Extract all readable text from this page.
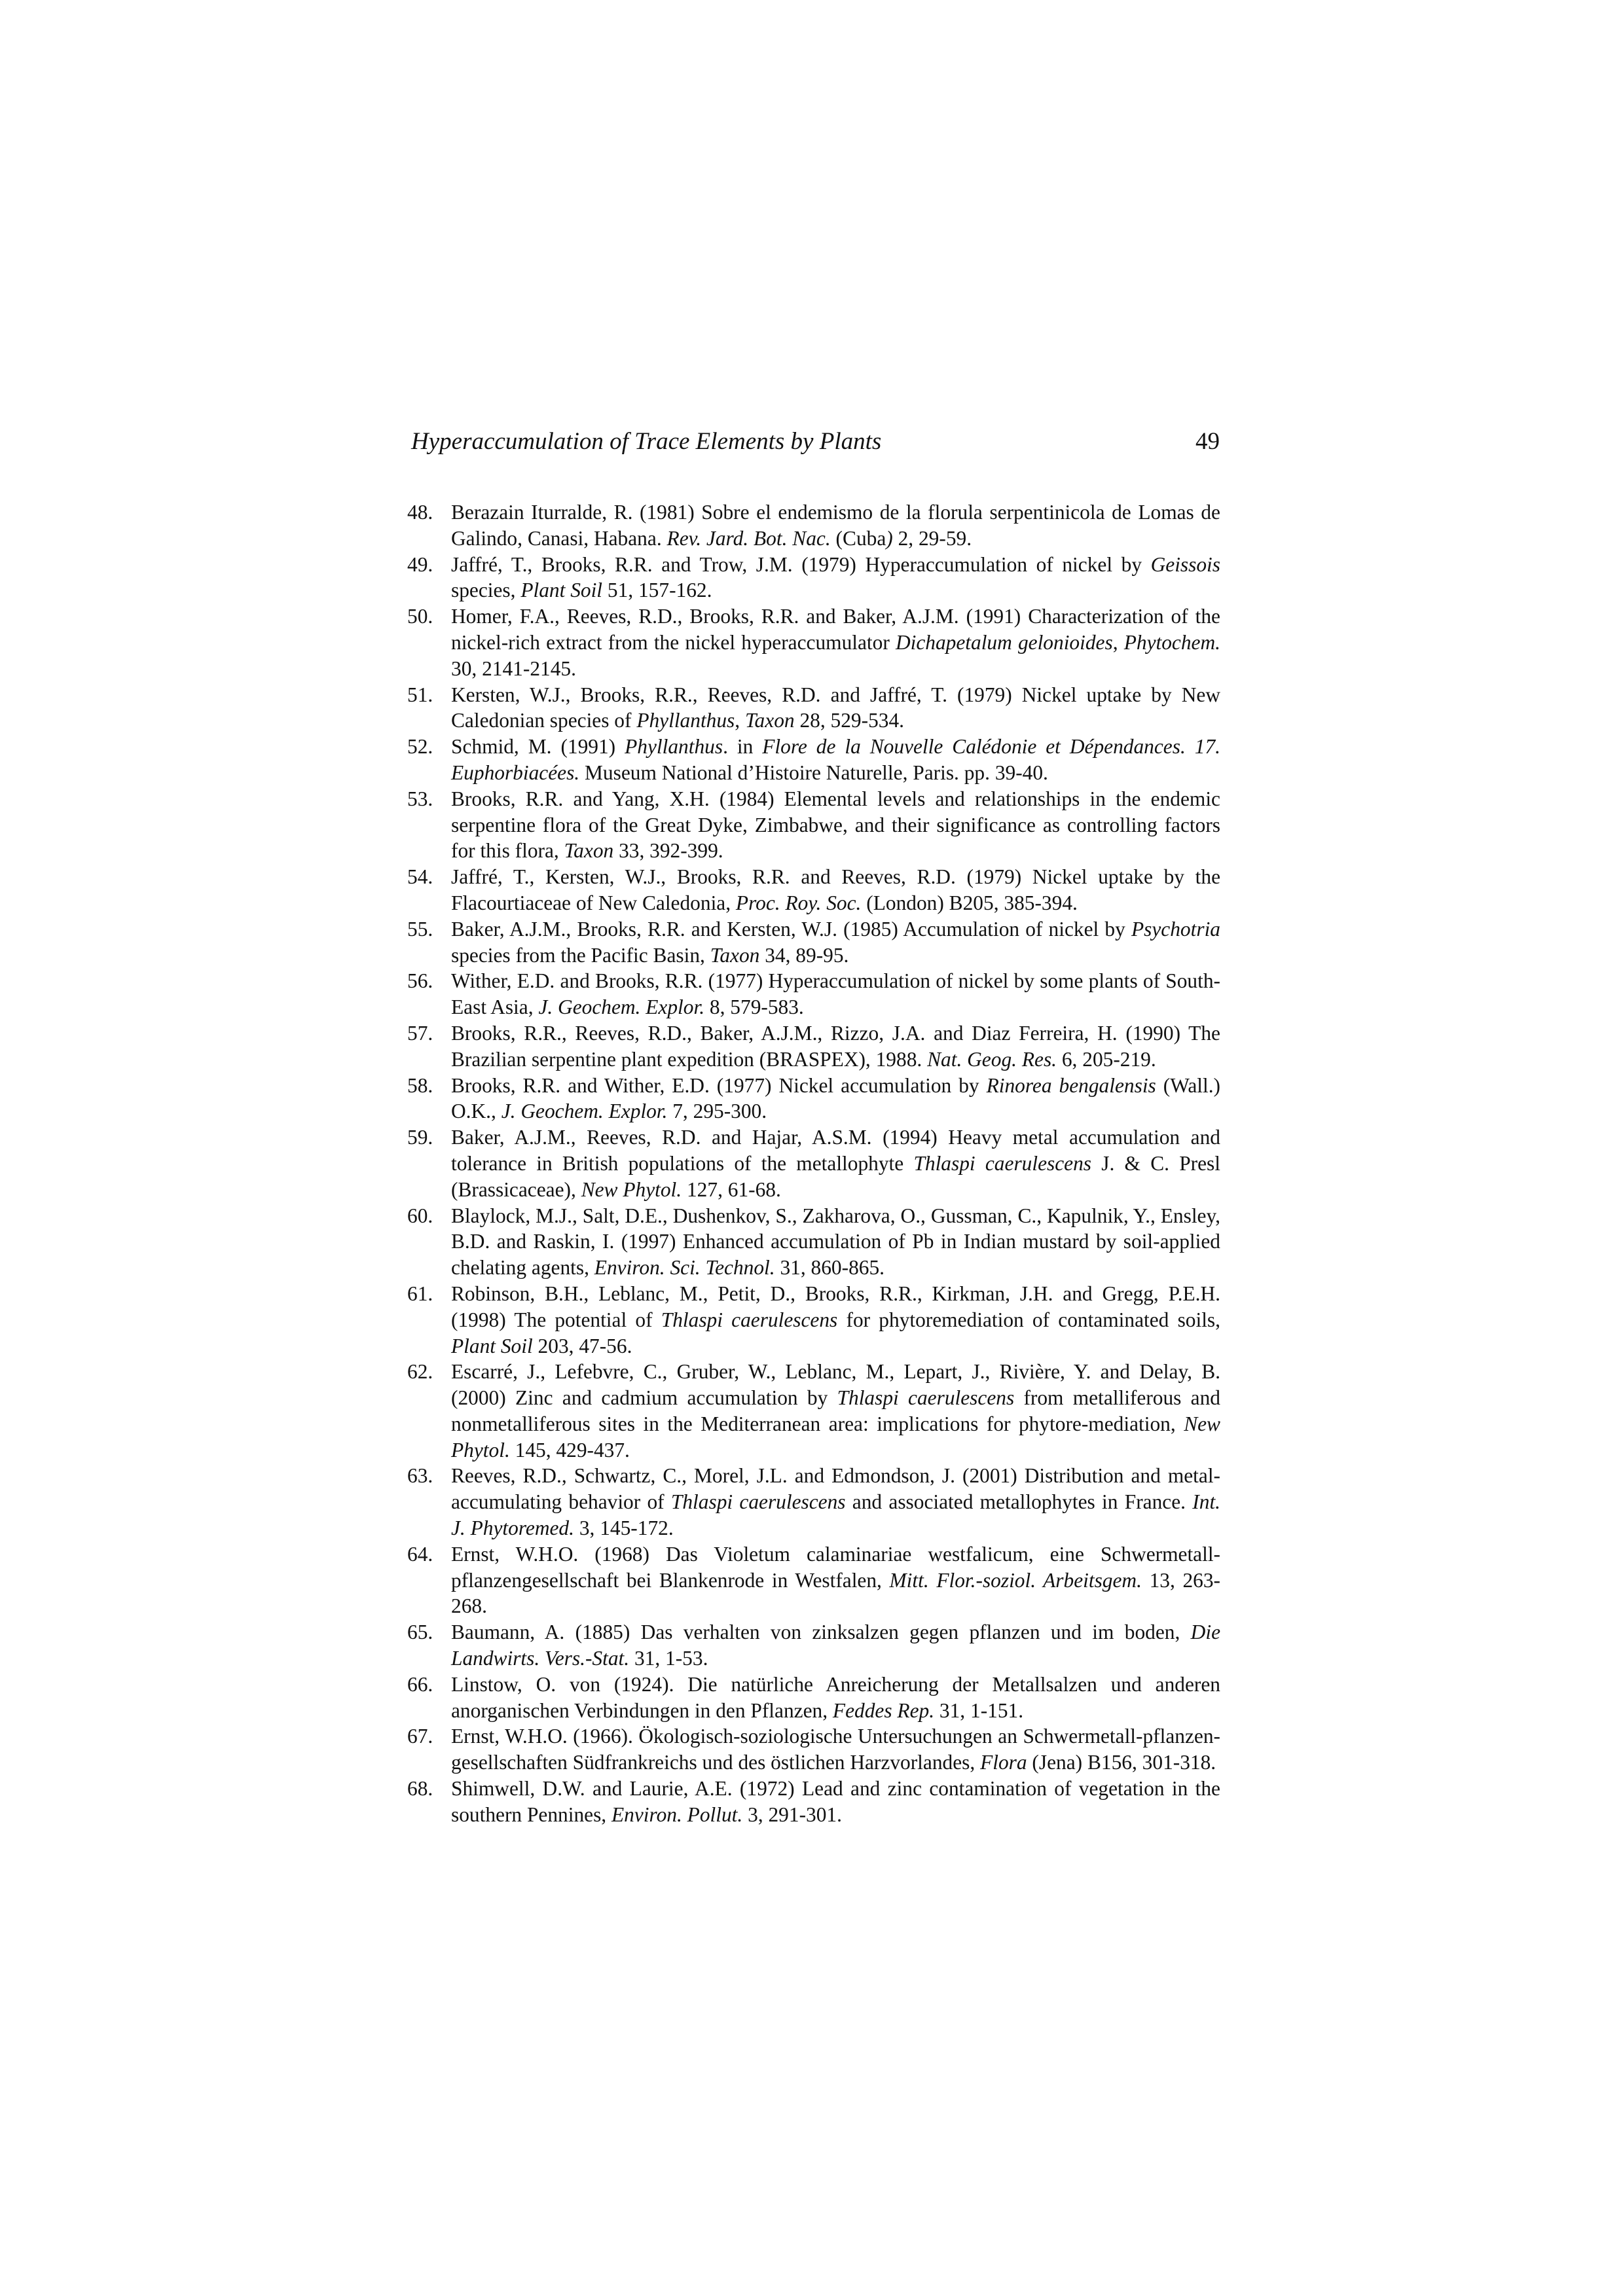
Hyperaccumulation of Trace Elements by Plants	49
48. Berazain Iturralde, R. (1981) Sobre el endemismo de la florula serpentinicola de Lomas de Galindo, Canasi, Habana. Rev. Jard. Bot. Nac. (Cuba) 2, 29-59.
49. Jaffré, T., Brooks, R.R. and Trow, J.M. (1979) Hyperaccumulation of nickel by Geissois species, Plant Soil 51, 157-162.
50. Homer, F.A., Reeves, R.D., Brooks, R.R. and Baker, A.J.M. (1991) Characterization of the nickel-rich extract from the nickel hyperaccumulator Dichapetalum gelonioides, Phytochem. 30, 2141-2145.
51. Kersten, W.J., Brooks, R.R., Reeves, R.D. and Jaffré, T. (1979) Nickel uptake by New Caledonian species of Phyllanthus, Taxon 28, 529-534.
52. Schmid, M. (1991) Phyllanthus. in Flore de la Nouvelle Calédonie et Dépendances. 17. Euphorbiacées. Museum National d’Histoire Naturelle, Paris. pp. 39-40.
53. Brooks, R.R. and Yang, X.H. (1984) Elemental levels and relationships in the endemic serpentine flora of the Great Dyke, Zimbabwe, and their significance as controlling factors for this flora, Taxon 33, 392-399.
54. Jaffré, T., Kersten, W.J., Brooks, R.R. and Reeves, R.D. (1979) Nickel uptake by the Flacourtiaceae of New Caledonia, Proc. Roy. Soc. (London) B205, 385-394.
55. Baker, A.J.M., Brooks, R.R. and Kersten, W.J. (1985) Accumulation of nickel by Psychotria species from the Pacific Basin, Taxon 34, 89-95.
56. Wither, E.D. and Brooks, R.R. (1977) Hyperaccumulation of nickel by some plants of South-East Asia, J. Geochem. Explor. 8, 579-583.
57. Brooks, R.R., Reeves, R.D., Baker, A.J.M., Rizzo, J.A. and Diaz Ferreira, H. (1990) The Brazilian serpentine plant expedition (BRASPEX), 1988. Nat. Geog. Res. 6, 205-219.
58. Brooks, R.R. and Wither, E.D. (1977) Nickel accumulation by Rinorea bengalensis (Wall.) O.K., J. Geochem. Explor. 7, 295-300.
59. Baker, A.J.M., Reeves, R.D. and Hajar, A.S.M. (1994) Heavy metal accumulation and tolerance in British populations of the metallophyte Thlaspi caerulescens J. & C. Presl (Brassicaceae), New Phytol. 127, 61-68.
60. Blaylock, M.J., Salt, D.E., Dushenkov, S., Zakharova, O., Gussman, C., Kapulnik, Y., Ensley, B.D. and Raskin, I. (1997) Enhanced accumulation of Pb in Indian mustard by soil-applied chelating agents, Environ. Sci. Technol. 31, 860-865.
61. Robinson, B.H., Leblanc, M., Petit, D., Brooks, R.R., Kirkman, J.H. and Gregg, P.E.H. (1998) The potential of Thlaspi caerulescens for phytoremediation of contaminated soils, Plant Soil 203, 47-56.
62. Escarré, J., Lefebvre, C., Gruber, W., Leblanc, M., Lepart, J., Rivière, Y. and Delay, B. (2000) Zinc and cadmium accumulation by Thlaspi caerulescens from metalliferous and nonmetalliferous sites in the Mediterranean area: implications for phytore-mediation, New Phytol. 145, 429-437.
63. Reeves, R.D., Schwartz, C., Morel, J.L. and Edmondson, J. (2001) Distribution and metal-accumulating behavior of Thlaspi caerulescens and associated metallophytes in France. Int. J. Phytoremed. 3, 145-172.
64. Ernst, W.H.O. (1968) Das Violetum calaminariae westfalicum, eine Schwermetall-pflanzengesellschaft bei Blankenrode in Westfalen, Mitt. Flor.-soziol. Arbeitsgem. 13, 263-268.
65. Baumann, A. (1885) Das verhalten von zinksalzen gegen pflanzen und im boden, Die Landwirts. Vers.-Stat. 31, 1-53.
66. Linstow, O. von (1924). Die natürliche Anreicherung der Metallsalzen und anderen anorganischen Verbindungen in den Pflanzen, Feddes Rep. 31, 1-151.
67. Ernst, W.H.O. (1966). Ökologisch-soziologische Untersuchungen an Schwermetall-pflanzen-gesellschaften Südfrankreichs und des östlichen Harzvorlandes, Flora (Jena) B156, 301-318.
68. Shimwell, D.W. and Laurie, A.E. (1972) Lead and zinc contamination of vegetation in the southern Pennines, Environ. Pollut. 3, 291-301.
